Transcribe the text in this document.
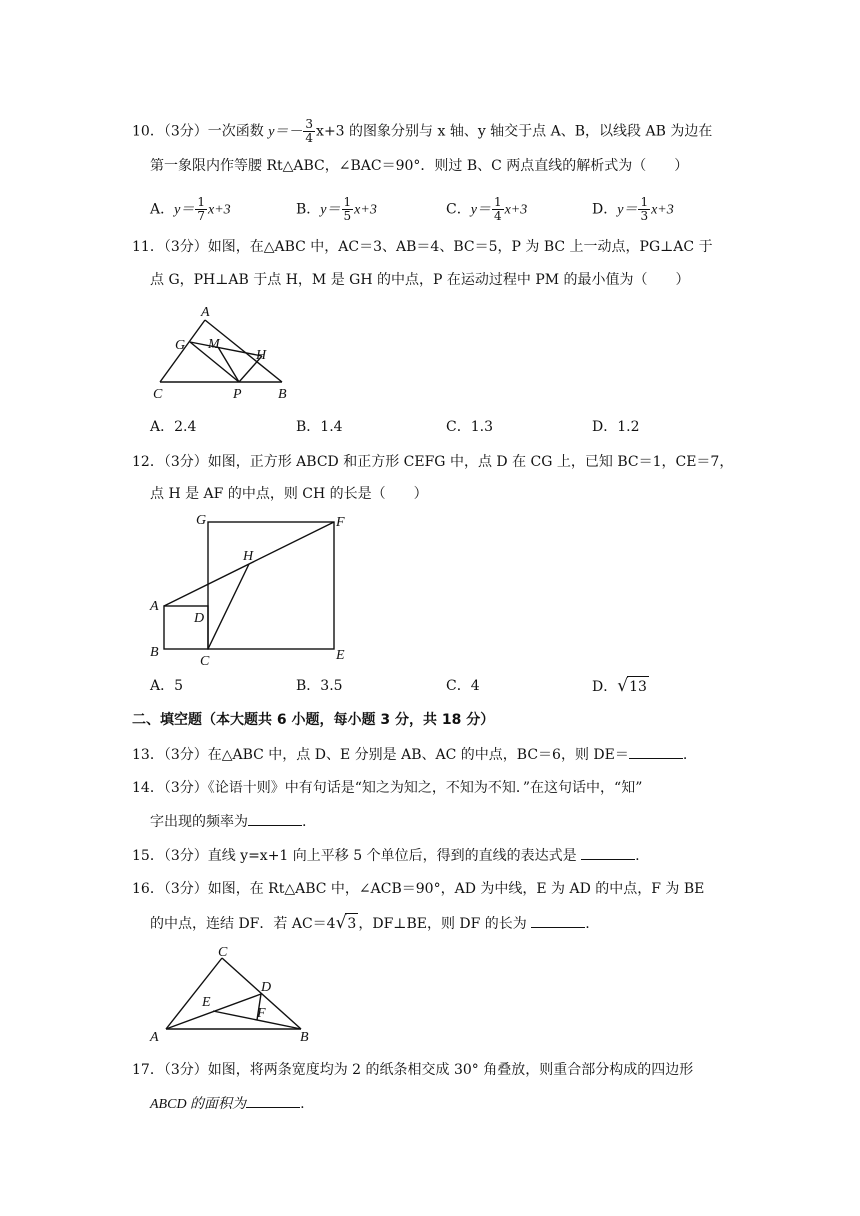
10．（3分）一次函数 $y=- \frac{3}{4} x+3$ 的图象分别与 x 轴、y 轴交于点 A、B，以线段 AB 为边在
第一象限内作等腰 Rt△ABC，∠BAC＝90°．则过 B、C 两点直线的解析式为（　　）
A．$y= \frac{1}{7} x+3$	B．$y= \frac{1}{5} x+3$	C．$y= \frac{1}{4} x+3$	D．$y= \frac{1}{3} x+3$
11．（3分）如图，在△ABC 中，AC＝3、AB＝4、BC＝5，P 为 BC 上一动点，PG⊥AC 于
点 G，PH⊥AB 于点 H，M 是 GH 的中点，P 在运动过程中 PM 的最小值为（　　）
A
G M
H
C	P	B
A．2.4	B．1.4	C．1.3	D．1.2
12．（3分）如图，正方形 ABCD 和正方形 CEFG 中，点 D 在 CG 上，已知 BC＝1，CE＝7，
点 H 是 AF 的中点，则 CH 的长是（　　）
G	F
H
A
D
B
C	E
A．5	B．3.5	C．4	D．√13
二、填空题（本大题共 6 小题，每小题 3 分，共 18 分）
13．（3分）在△ABC 中，点 D、E 分别是 AB、AC 的中点，BC＝6，则 DE＝	.
14．（3分）《论语十则》中有句话是“知之为知之，不知为不知．”在这句话中，“知”
字出现的频率为	.
15．（3分）直线 y=x+1 向上平移 5 个单位后，得到的直线的表达式是	.
16．（3分）如图，在 Rt△ABC 中，∠ACB＝90°，AD 为中线，E 为 AD 的中点，F 为 BE
的中点，连结 DF．若 AC＝4√3 ，DF⊥BE，则 DF 的长为	.
C
D
E
F
A	B
17．（3分）如图，将两条宽度均为 2 的纸条相交成 30° 角叠放，则重合部分构成的四边形
ABCD 的面积为	.
